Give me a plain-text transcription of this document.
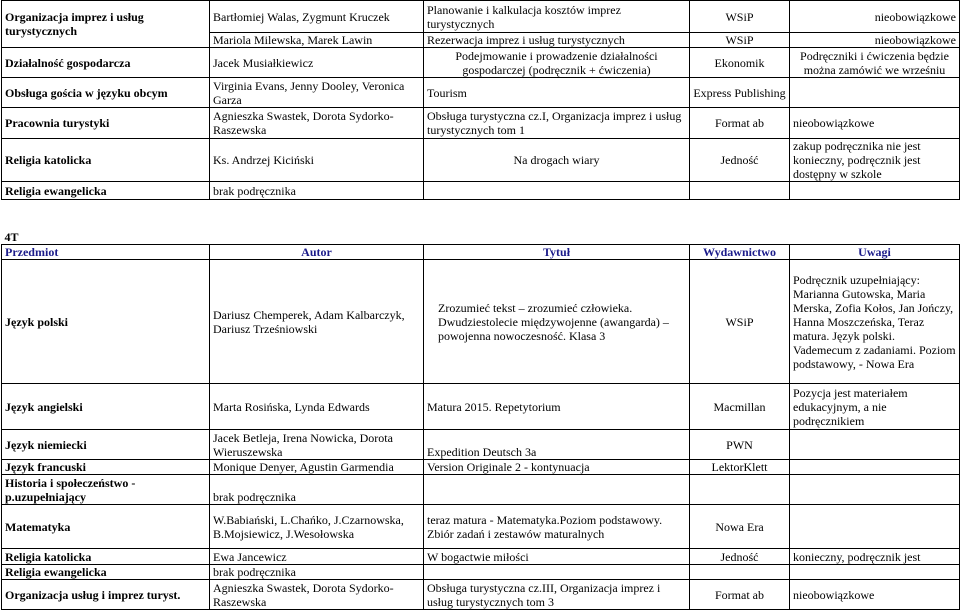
Organizacja imprez i usług turystycznych	Bartłomiej Walas, Zygmunt Kruczek	Planowanie i kalkulacja kosztów imprez turystycznych	WSiP	nieobowiązkowe
	Mariola Milewska, Marek Lawin	Rezerwacja imprez i usług turystycznych	WSiP	nieobowiązkowe
Działalność gospodarcza	Jacek Musiałkiewicz	Podejmowanie i prowadzenie działalności gospodarczej (podręcznik + ćwiczenia)	Ekonomik	Podręczniki i ćwiczenia będzie można zamówić we wrześniu
Obsługa gościa w języku obcym	Virginia Evans, Jenny Dooley, Veronica Garza	Tourism	Express Publishing	
Pracownia turystyki	Agnieszka Swastek, Dorota Sydorko-Raszewska	Obsługa turystyczna cz.I, Organizacja imprez i usług turystycznych tom 1	Format ab	nieobowiązkowe
Religia katolicka	Ks. Andrzej Kiciński	Na drogach wiary	Jedność	zakup podręcznika nie jest konieczny, podręcznik jest dostępny w szkole
Religia ewangelicka	brak podręcznika			

4T				
Przedmiot	Autor	Tytuł	Wydawnictwo	Uwagi
Język polski	Dariusz Chemperek, Adam Kalbarczyk, Dariusz Trześniowski	Zrozumieć tekst – zrozumieć człowieka. Dwudziestolecie międzywojenne (awangarda) – powojenna nowoczesność. Klasa 3	WSiP	Podręcznik uzupełniający: Marianna Gutowska, Maria Merska, Zofia Kołos, Jan Jończy, Hanna Moszczeńska, Teraz matura. Język polski. Vademecum z zadaniami. Poziom podstawowy, - Nowa Era
Język angielski	Marta Rosińska, Lynda Edwards	Matura 2015. Repetytorium	Macmillan	Pozycja jest materiałem edukacyjnym, a nie podręcznikiem
Język niemiecki	Jacek Betleja, Irena Nowicka, Dorota Wieruszewska	Expedition Deutsch 3a	PWN	
Język francuski	Monique Denyer, Agustin Garmendia	Version Originale 2 - kontynuacja	LektorKlett	
Historia i społeczeństwo - p.uzupełniający	brak podręcznika			
Matematyka	W.Babiański, L.Chańko, J.Czarnowska, B.Mojsiewicz, J.Wesołowska	teraz matura - Matematyka.Poziom podstawowy. Zbiór zadań i zestawów maturalnych	Nowa Era	
Religia katolicka	Ewa Jancewicz	W bogactwie miłości	Jedność	konieczny, podręcznik jest
Religia ewangelicka	brak podręcznika			
Organizacja usług i imprez turyst.	Agnieszka Swastek, Dorota Sydorko-Raszewska	Obsługa turystyczna cz.III, Organizacja imprez i usług turystycznych tom 3	Format ab	nieobowiązkowe
